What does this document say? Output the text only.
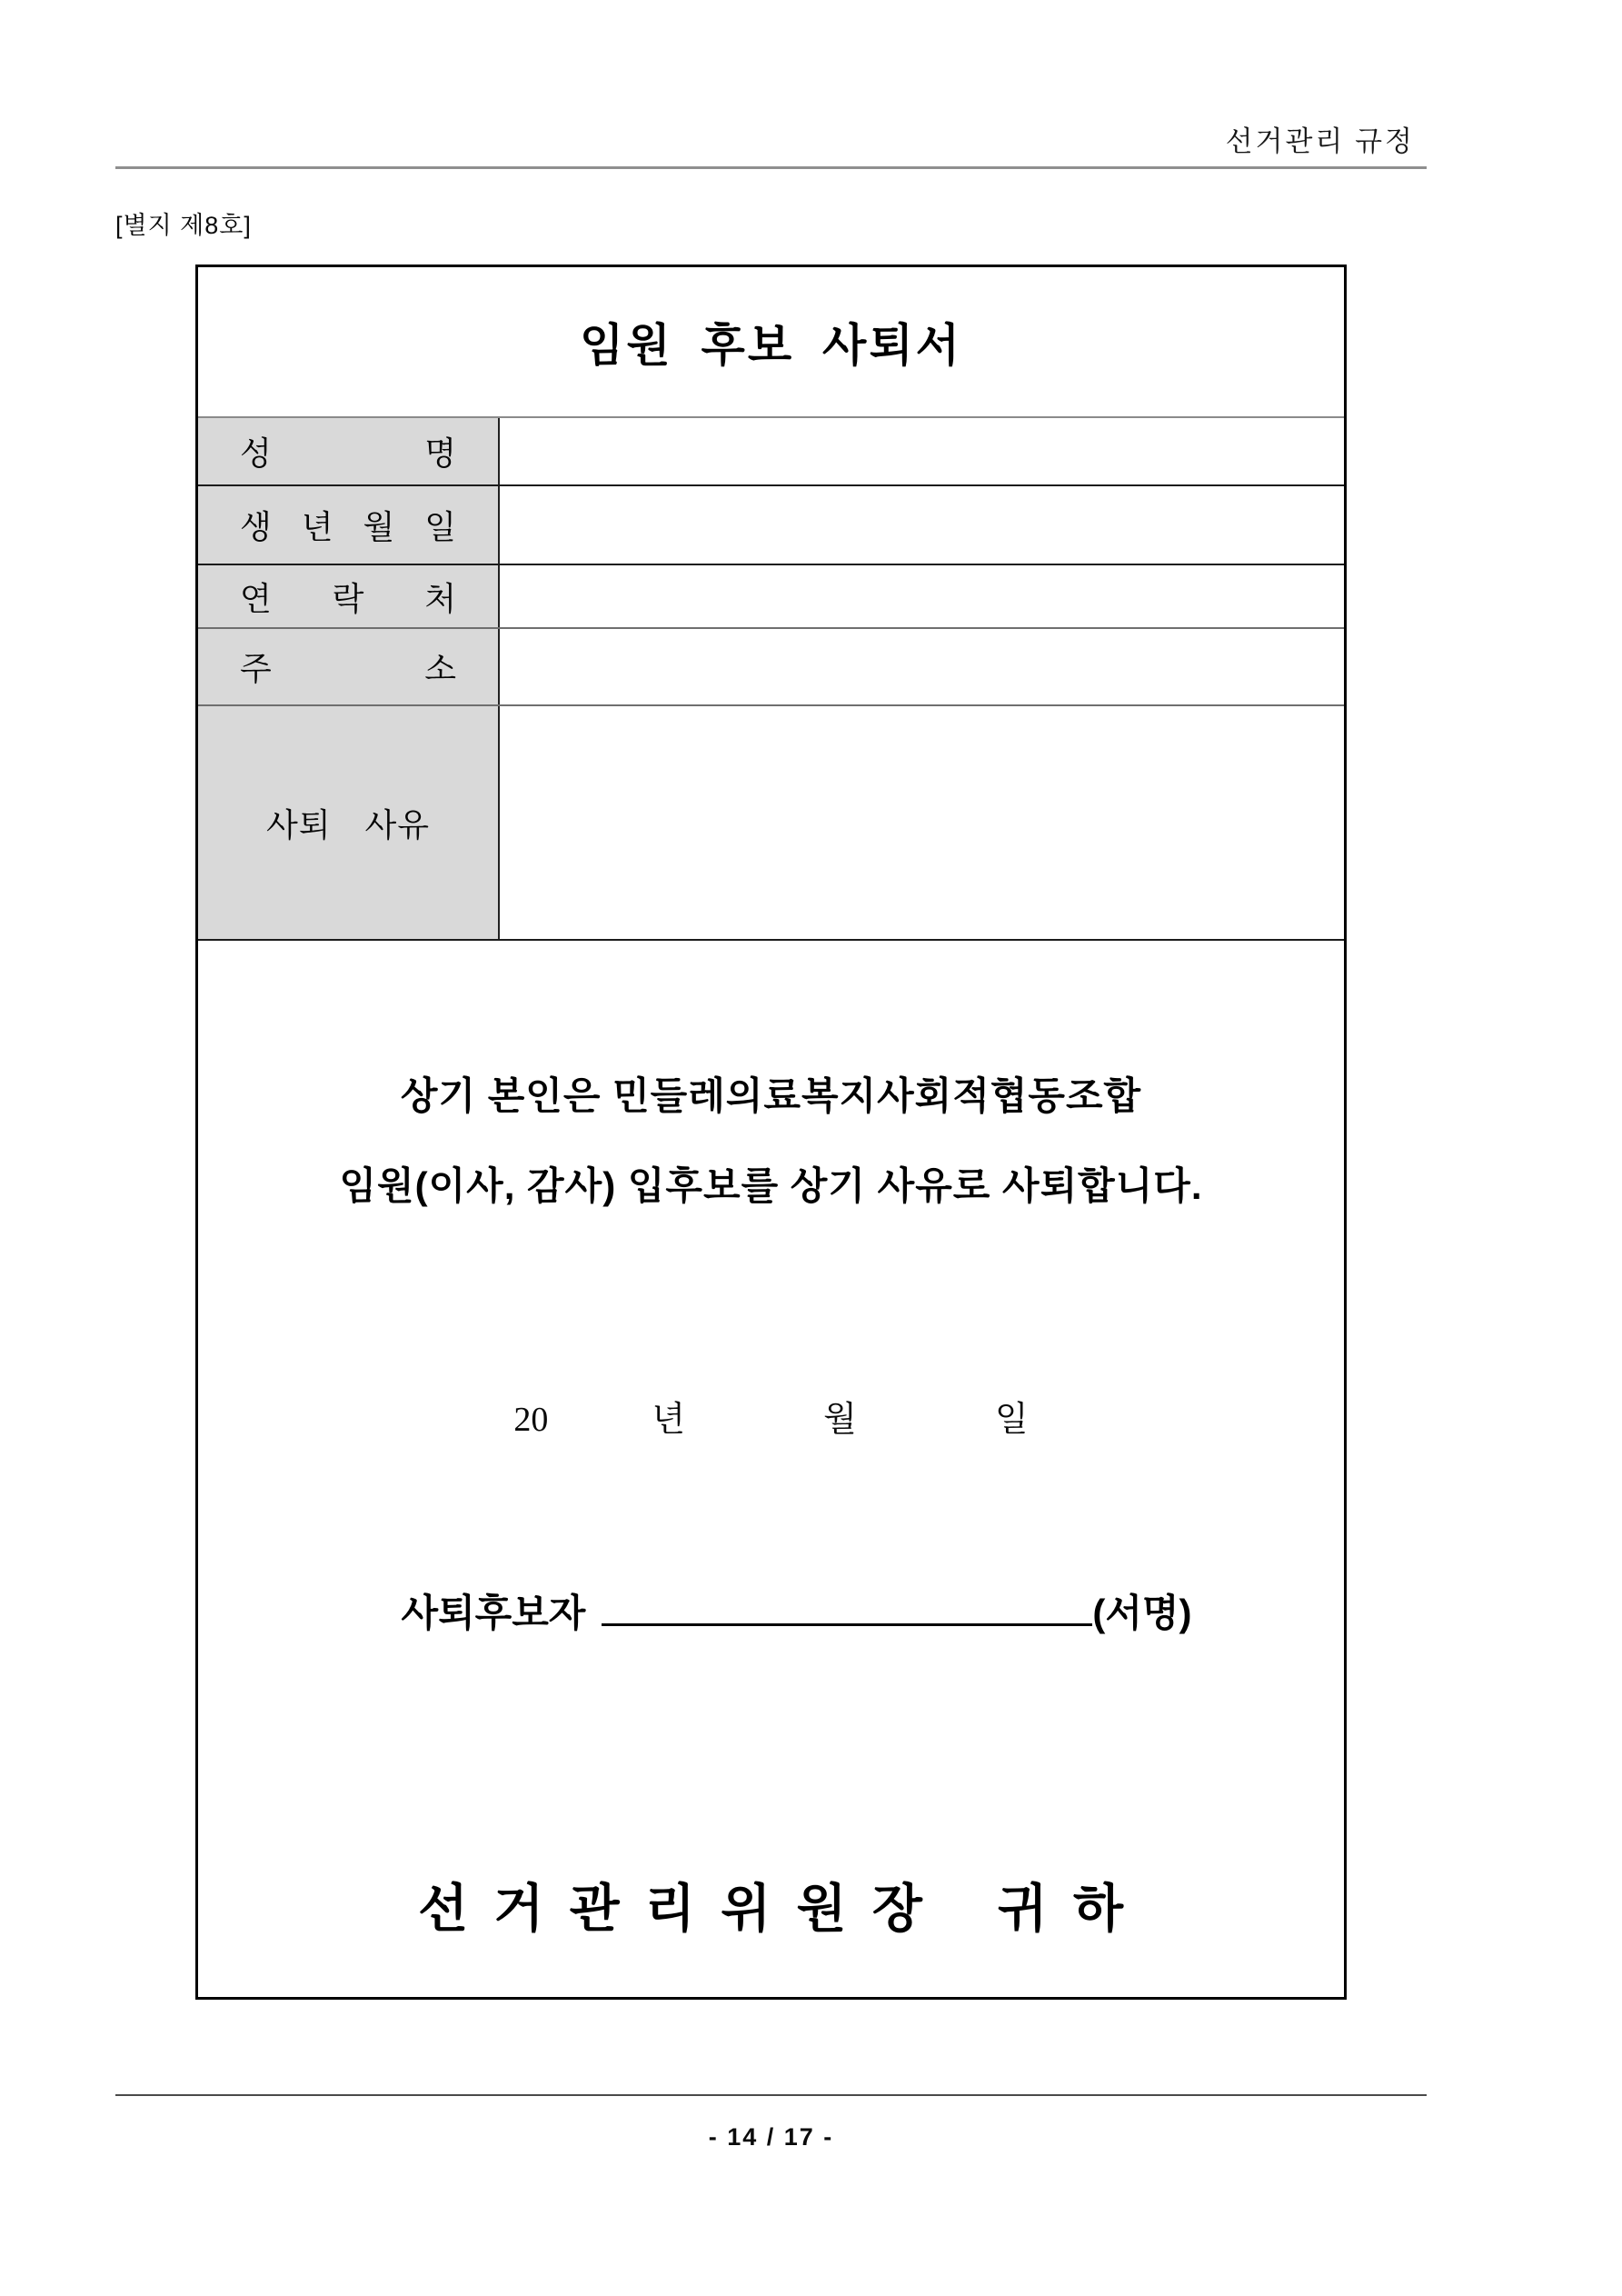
선거관리 규정
[별지 제8호]
임원 후보 사퇴서
성	명
생 년 월 일
연 락 처
주	소
사퇴　사유
상기 본인은 민들레의료복지사회적협동조합
임원(이사, 감사) 입후보를 상기 사유로 사퇴합니다.
20　　　년　　　　월　　　　일
사퇴후보자	(서명)
선 거 관 리 위 원 장   귀 하
- 14 / 17 -
